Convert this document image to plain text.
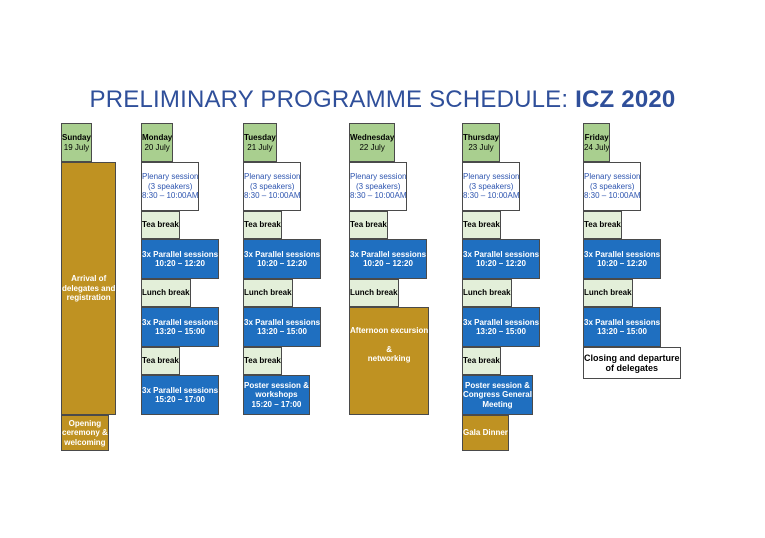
PRELIMINARY PROGRAMME SCHEDULE: ICZ 2020
Sunday
19 July
Arrival of
delegates and
registration
Opening
ceremony &
welcoming
Monday
20 July
Plenary session
(3 speakers)
8:30 – 10:00AM
Tea break
3x Parallel sessions
10:20 – 12:20
Lunch break
3x Parallel sessions
13:20 – 15:00
Tea break
3x Parallel sessions
15:20 – 17:00
Tuesday
21 July
Plenary session
(3 speakers)
8:30 – 10:00AM
Tea break
3x Parallel sessions
10:20 – 12:20
Lunch break
3x Parallel sessions
13:20 – 15:00
Tea break
Poster session &
workshops
15:20 – 17:00
Wednesday
22 July
Plenary session
(3 speakers)
8:30 – 10:00AM
Tea break
3x Parallel sessions
10:20 – 12:20
Lunch break
Afternoon excursion
&
networking
Thursday
23 July
Plenary session
(3 speakers)
8:30 – 10:00AM
Tea break
3x Parallel sessions
10:20 – 12:20
Lunch break
3x Parallel sessions
13:20 – 15:00
Tea break
Poster session &
Congress General
Meeting
Gala Dinner
Friday
24 July
Plenary session
(3 speakers)
8:30 – 10:00AM
Tea break
3x Parallel sessions
10:20 – 12:20
Lunch break
3x Parallel sessions
13:20 – 15:00
Closing and departure
of delegates
